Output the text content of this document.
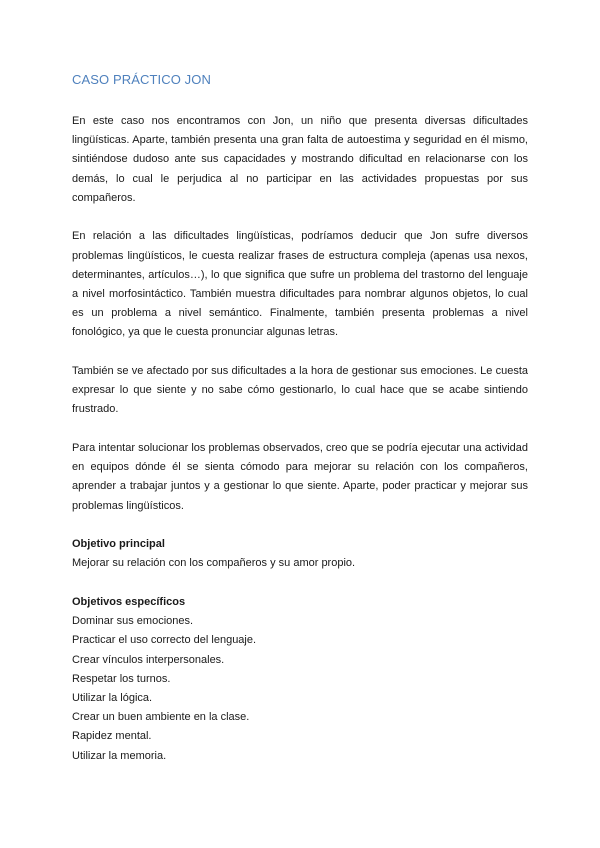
CASO PRÁCTICO JON

En este caso nos encontramos con Jon, un niño que presenta diversas dificultades lingüísticas. Aparte, también presenta una gran falta de autoestima y seguridad en él mismo, sintiéndose dudoso ante sus capacidades y mostrando dificultad en relacionarse con los demás, lo cual le perjudica al no participar en las actividades propuestas por sus compañeros.

En relación a las dificultades lingüísticas, podríamos deducir que Jon sufre diversos problemas lingüísticos, le cuesta realizar frases de estructura compleja (apenas usa nexos, determinantes, artículos…), lo que significa que sufre un problema del trastorno del lenguaje a nivel morfosintáctico. También muestra dificultades para nombrar algunos objetos, lo cual es un problema a nivel semántico. Finalmente, también presenta problemas a nivel fonológico, ya que le cuesta pronunciar algunas letras.

También se ve afectado por sus dificultades a la hora de gestionar sus emociones. Le cuesta expresar lo que siente y no sabe cómo gestionarlo, lo cual hace que se acabe sintiendo frustrado.

Para intentar solucionar los problemas observados, creo que se podría ejecutar una actividad en equipos dónde él se sienta cómodo para mejorar su relación con los compañeros, aprender a trabajar juntos y a gestionar lo que siente. Aparte, poder practicar y mejorar sus problemas lingüísticos.

Objetivo principal

Mejorar su relación con los compañeros y su amor propio.

Objetivos específicos

Dominar sus emociones.
Practicar el uso correcto del lenguaje.
Crear vínculos interpersonales.
Respetar los turnos.
Utilizar la lógica.
Crear un buen ambiente en la clase.
Rapidez mental.
Utilizar la memoria.
